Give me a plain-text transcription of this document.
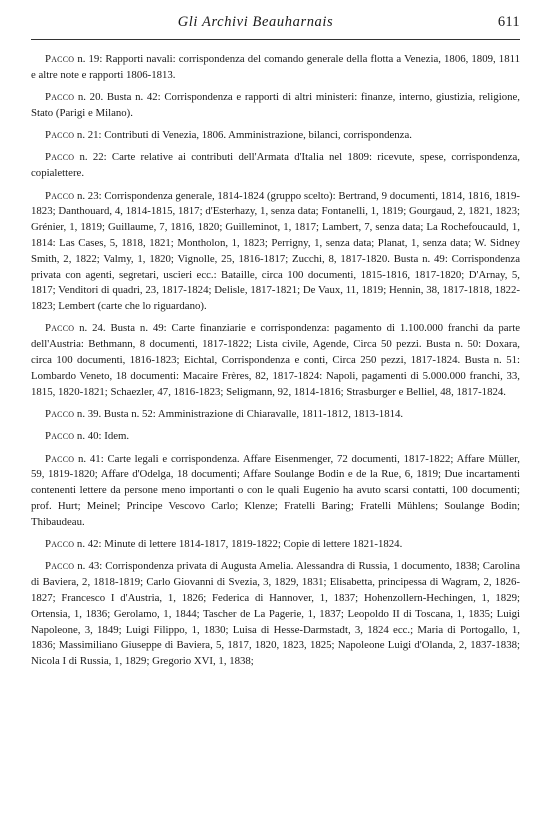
Gli Archivi Beauharnais	611

Pacco n. 19: Rapporti navali: corrispondenza del comando generale della flotta a Venezia, 1806, 1809, 1811 e altre note e rapporti 1806-1813.

Pacco n. 20. Busta n. 42: Corrispondenza e rapporti di altri ministeri: finanze, interno, giustizia, religione, Stato (Parigi e Milano).

Pacco n. 21: Contributi di Venezia, 1806. Amministrazione, bilanci, corrispondenza.

Pacco n. 22: Carte relative ai contributi dell'Armata d'Italia nel 1809: ricevute, spese, corrispondenza, copialettere.

Pacco n. 23: Corrispondenza generale, 1814-1824 (gruppo scelto): Bertrand, 9 documenti, 1814, 1816, 1819-1823; Danthouard, 4, 1814-1815, 1817; d'Esterhazy, 1, senza data; Fontanelli, 1, 1819; Gourgaud, 2, 1821, 1823; Grénier, 1, 1819; Guillaume, 7, 1816, 1820; Guilleminot, 1, 1817; Lambert, 7, senza data; La Rochefoucauld, 1, 1814: Las Cases, 5, 1818, 1821; Montholon, 1, 1823; Perrigny, 1, senza data; Planat, 1, senza data; W. Sidney Smith, 2, 1822; Valmy, 1, 1820; Vignolle, 25, 1816-1817; Zucchi, 8, 1817-1820. Busta n. 49: Corrispondenza privata con agenti, segretari, uscieri ecc.: Bataille, circa 100 documenti, 1815-1816, 1817-1820; D'Arnay, 5, 1817; Venditori di quadri, 23, 1817-1824; Delisle, 1817-1821; De Vaux, 11, 1819; Hennin, 38, 1817-1818, 1822-1823; Lembert (carte che lo riguardano).

Pacco n. 24. Busta n. 49: Carte finanziarie e corrispondenza: pagamento di 1.100.000 franchi da parte dell'Austria: Bethmann, 8 documenti, 1817-1822; Lista civile, Agende, Circa 50 pezzi. Busta n. 50: Doxara, circa 100 documenti, 1816-1823; Eichtal, Corrispondenza e conti, Circa 250 pezzi, 1817-1824. Busta n. 51: Lombardo Veneto, 18 documenti: Macaire Frères, 82, 1817-1824: Napoli, pagamenti di 5.000.000 franchi, 33, 1815, 1820-1821; Schaezler, 47, 1816-1823; Seligmann, 92, 1814-1816; Strasburger e Belliel, 48, 1817-1824.

Pacco n. 39. Busta n. 52: Amministrazione di Chiaravalle, 1811-1812, 1813-1814.

Pacco n. 40: Idem.

Pacco n. 41: Carte legali e corrispondenza. Affare Eisenmenger, 72 documenti, 1817-1822; Affare Müller, 59, 1819-1820; Affare d'Odelga, 18 documenti; Affare Soulange Bodin e de la Rue, 6, 1819; Due incartamenti contenenti lettere da persone meno importanti o con le quali Eugenio ha avuto scarsi contatti, 100 documenti; prof. Hurt; Meinel; Principe Vescovo Carlo; Klenze; Fratelli Baring; Fratelli Mühlens; Soulange Bodin; Thibaudeau.

Pacco n. 42: Minute di lettere 1814-1817, 1819-1822; Copie di lettere 1821-1824.

Pacco n. 43: Corrispondenza privata di Augusta Amelia. Alessandra di Russia, 1 documento, 1838; Carolina di Baviera, 2, 1818-1819; Carlo Giovanni di Svezia, 3, 1829, 1831; Elisabetta, principessa di Wagram, 2, 1826-1827; Francesco I d'Austria, 1, 1826; Federica di Hannover, 1, 1837; Hohenzollern-Hechingen, 1, 1829; Ortensia, 1, 1836; Gerolamo, 1, 1844; Tascher de La Pagerie, 1, 1837; Leopoldo II di Toscana, 1, 1835; Luigi Napoleone, 3, 1849; Luigi Filippo, 1, 1830; Luisa di Hesse-Darmstadt, 3, 1824 ecc.; Maria di Portogallo, 1, 1836; Massimiliano Giuseppe di Baviera, 5, 1817, 1820, 1823, 1825; Napoleone Luigi d'Olanda, 2, 1837-1838; Nicola I di Russia, 1, 1829; Gregorio XVI, 1, 1838;
